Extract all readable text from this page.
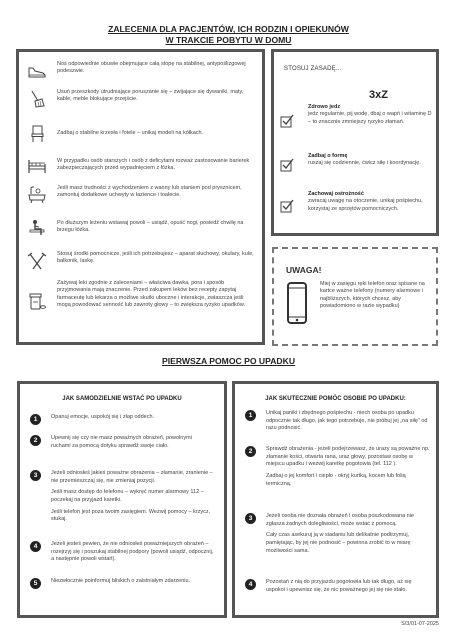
ZALECENIA DLA PACJENTÓW, ICH RODZIN I OPIEKUNÓW
W TRAKCIE POBYTU W DOMU
Noś odpowiednie obuwie obejmujące całą stopę na stabilnej, antypoślizgowej podeszwie.
Usuń przeszkody utrudniające poruszanie się – zwijające się dywaniki, maty, kable, meble blokujące przejście.
Zadbaj o stabilne krzesła i fotele – unikaj modeli na kółkach.
W przypadku osób starszych i osób z deficytami rozważ zastosowanie barierek zabezpieczających przed wypadnięciem z łóżka.
Jeśli masz trudności z wychodzeniem z wanny lub staniem pod prysznicem, zamontuj dodatkowe uchwyty w łazience i toalecie.
Po dłuższym leżeniu wstawaj powoli – usiądź, opuść nogi, posiedź chwilę na brzegu łóżka.
Stosuj środki pomocnicze, jeśli ich potrzebujesz – aparat słuchowy, okulary, kule, balkonik, laskę.
Zażywaj leki zgodnie z zaleceniami – właściwa dawka, pora i sposób przyjmowania mają znaczenie. Przed zakupem leków bez recepty zapytaj farmaceutę lub lekarza o możliwe skutki uboczne i interakcje, zwłaszcza jeśli mogą powodować senność lub zawroty głowy – to zwiększa ryzyko upadków.
STOSUJ ZASADĘ...
3xZ
Zdrowo jedz
jedz regularnie, pij wodę, dbaj o wapń i witaminę D – to znacznie zmniejszy ryzyko złamań.
Zadbaj o formę
ruszaj się codziennie, ćwicz siłę i koordynację.
Zachowaj ostrożność
zwracaj uwagę na otoczenie, unikaj pośpiechu, korzystaj ze sprzętów pomocniczych.
UWAGA!
Miej w zasięgu ręki telefon oraz spisane na kartce ważne telefony (numery alarmowe i najbliższych, których chcesz, aby powiadomiono w razie wypadku)
PIERWSZA POMOC PO UPADKU
JAK SAMODZIELNIE WSTAĆ PO UPADKU
1	Opanuj emocje, uspokój się i złap oddech.

2	Upewnij się czy nie masz poważnych obrażeń, powolnymi ruchami za pomocą dotyku sprawdź swoje ciało.

3	Jeżeli odniosłeś jakieś poważne obrażenia – złamanie, zranienie – nie przemieszczaj się, nie zmieniaj pozycji.

Jeśli masz dostęp do telefonu – wykręć numer alarmowy 112 – poczekaj na przyjazd karetki.

Jeśli telefon jest poza twoim zasięgiem. Wezwij pomocy – krzycz, stukaj.

4	Jeżeli jesteś pewien, że nie odniosłeś poważniejszych obrażeń – rozejrzyj się i poszukaj stabilnej podpory (powoli usiądź, odpocznij, a następnie powoli wstań).

5	Niezwłocznie poinformuj bliskich o zaistniałym zdarzeniu.

JAK SKUTECZNIE POMÓC OSOBIE PO UPADKU:
1	Unikaj paniki i zbędnego pośpiechu - niech osoba po upadku odpocznie tak długo, jak tego potrzebuje, nie próbuj jej „na siłę” od razu podnosić.

2	Sprawdź obrażenia - jeżeli podejrzewasz, że urazy są poważne np. złamanie kości, otwarta rana, uraz głowy, pozostaw osobę w miejscu upadku i wezwij karetkę pogotowia (tel. 112 ).

Zadbaj o jej komfort i ciepło - okryj kurtką, kocem lub folią termiczną.

3	Jeżeli osoba nie doznała obrażeń i osoba poszkodowana nie zgłasza żadnych dolegliwości, może wstać z pomocą.

Cały czas asekuruj ją w siadaniu lub delikatnie podtrzymuj, pamiętając, by jej nie podnosić – powinna zrobić to w miarę możliwości sama.

4	Pozostań z nią do przyjazdu pogotowia lub tak długo, aż się uspokoi i upewnisz się, że nic poważnego jej się nie stało.

S/3/01-07-2025
